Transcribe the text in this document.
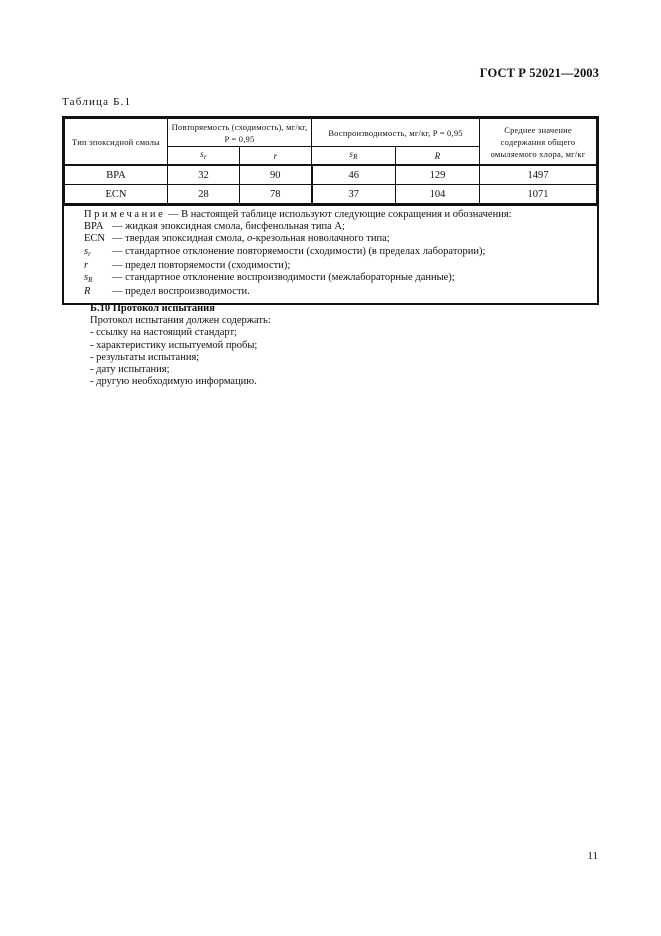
ГОСТ Р 52021—2003
Таблица Б.1
Тип эпоксидной смолы	Повторяемость (сходимость), мг/кг, P = 0,95		Воспроизводимость, мг/кг, P = 0,95		Среднее значение содержания общего омыляемого хлора, мг/кг
	$s_r$	r	$s_R$	R	
BPA	32	90	46	129	1497
ECN	28	78	37	104	1071
Примечание — В настоящей таблице используют следующие сокращения и обозначения:
BPA — жидкая эпоксидная смола, бисфенольная типа А;
ECN — твердая эпоксидная смола, о-крезольная новолачного типа;
$s_r$	— стандартное отклонение повторяемости (сходимости) (в пределах лаборатории);
r	— предел повторяемости (сходимости);
$s_R$	— стандартное отклонение воспроизводимости (межлабораторные данные);
R	— предел воспроизводимости.
Б.10 Протокол испытания
Протокол испытания должен содержать:
- ссылку на настоящий стандарт;
- характеристику испытуемой пробы;
- результаты испытания;
- дату испытания;
- другую необходимую информацию.
11
